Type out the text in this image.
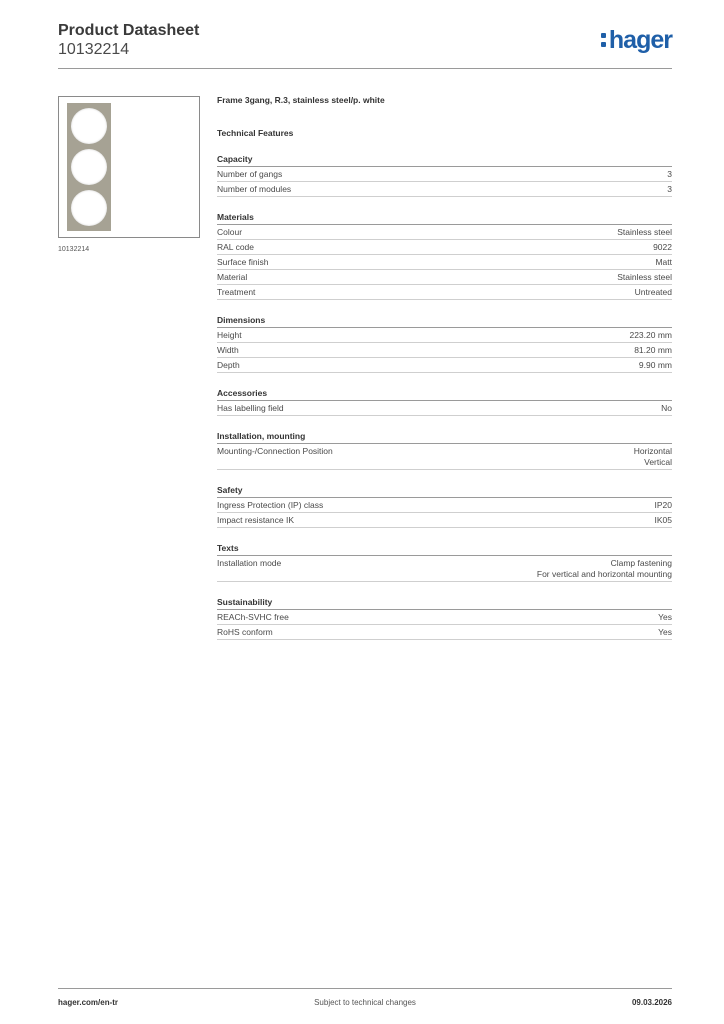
Product Datasheet
10132214	hager
10132214
Frame 3gang, R.3, stainless steel/p. white
Technical Features
Capacity
Number of gangs	3
Number of modules	3
Materials
Colour	Stainless steel
RAL code	9022
Surface finish	Matt
Material	Stainless steel
Treatment	Untreated
Dimensions
Height	223.20 mm
Width	81.20 mm
Depth	9.90 mm
Accessories
Has labelling field	No
Installation, mounting
Mounting-/Connection Position	Horizontal
Vertical
Safety
Ingress Protection (IP) class	IP20
Impact resistance IK	IK05
Texts
Installation mode	Clamp fastening
For vertical and horizontal mounting
Sustainability
REACh-SVHC free	Yes
RoHS conform	Yes
hager.com/en-tr	Subject to technical changes	09.03.2026
